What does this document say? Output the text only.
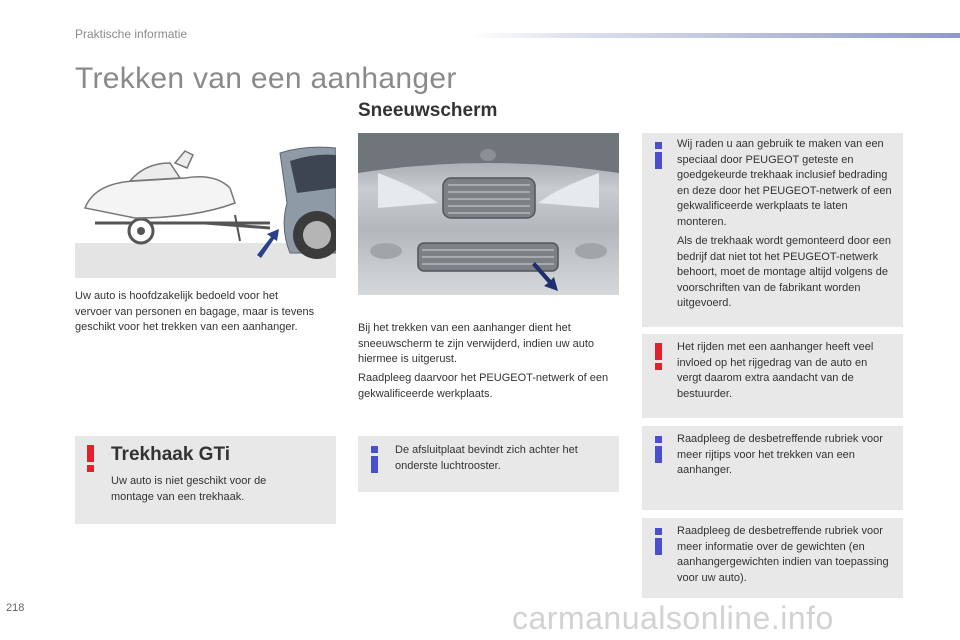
Praktische informatie
Trekken van een aanhanger
Sneeuwscherm
Uw auto is hoofdzakelijk bedoeld voor het vervoer van personen en bagage, maar is tevens geschikt voor het trekken van een aanhanger.
Trekhaak GTi
Uw auto is niet geschikt voor de montage van een trekhaak.
Bij het trekken van een aanhanger dient het sneeuwscherm te zijn verwijderd, indien uw auto hiermee is uitgerust.
Raadpleeg daarvoor het PEUGEOT-netwerk of een gekwalificeerde werkplaats.
De afsluitplaat bevindt zich achter het onderste luchtrooster.
Wij raden u aan gebruik te maken van een speciaal door PEUGEOT geteste en goedgekeurde trekhaak inclusief bedrading en deze door het PEUGEOT-netwerk of een gekwalificeerde werkplaats te laten monteren.
Als de trekhaak wordt gemonteerd door een bedrijf dat niet tot het PEUGEOT-netwerk behoort, moet de montage altijd volgens de voorschriften van de fabrikant worden uitgevoerd.
Het rijden met een aanhanger heeft veel invloed op het rijgedrag van de auto en vergt daarom extra aandacht van de bestuurder.
Raadpleeg de desbetreffende rubriek voor meer rijtips voor het trekken van een aanhanger.
Raadpleeg de desbetreffende rubriek voor meer informatie over de gewichten (en aanhangergewichten indien van toepassing voor uw auto).
218	carmanualsonline.info
